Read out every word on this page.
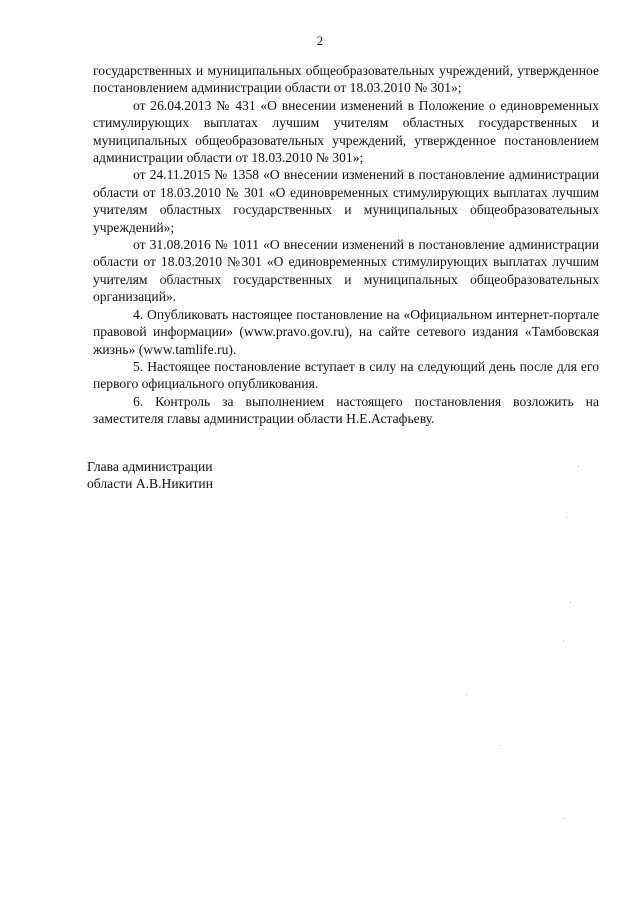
2

государственных и муниципальных общеобразовательных учреждений, утвержденное постановлением администрации области от 18.03.2010 № 301»;

от 26.04.2013 № 431 «О внесении изменений в Положение о единовременных стимулирующих выплатах лучшим учителям областных государственных и муниципальных общеобразовательных учреждений, утвержденное постановлением администрации области от 18.03.2010 № 301»;

от 24.11.2015 № 1358 «О внесении изменений в постановление администрации области от 18.03.2010 № 301 «О единовременных стимулирующих выплатах лучшим учителям областных государственных и муниципальных общеобразовательных учреждений»;

от 31.08.2016 № 1011 «О внесении изменений в постановление администрации области от 18.03.2010 №301 «О единовременных стимулирующих выплатах лучшим учителям областных государственных и муниципальных общеобразовательных организаций».

4. Опубликовать настоящее постановление на «Официальном интернет-портале правовой информации» (www.pravo.gov.ru), на сайте сетевого издания «Тамбовская жизнь» (www.tamlife.ru).

5. Настоящее постановление вступает в силу на следующий день после для его первого официального опубликования.

6. Контроль за выполнением настоящего постановления возложить на заместителя главы администрации области Н.Е.Астафьеву.

Глава администрации
области А.В.Никитин
